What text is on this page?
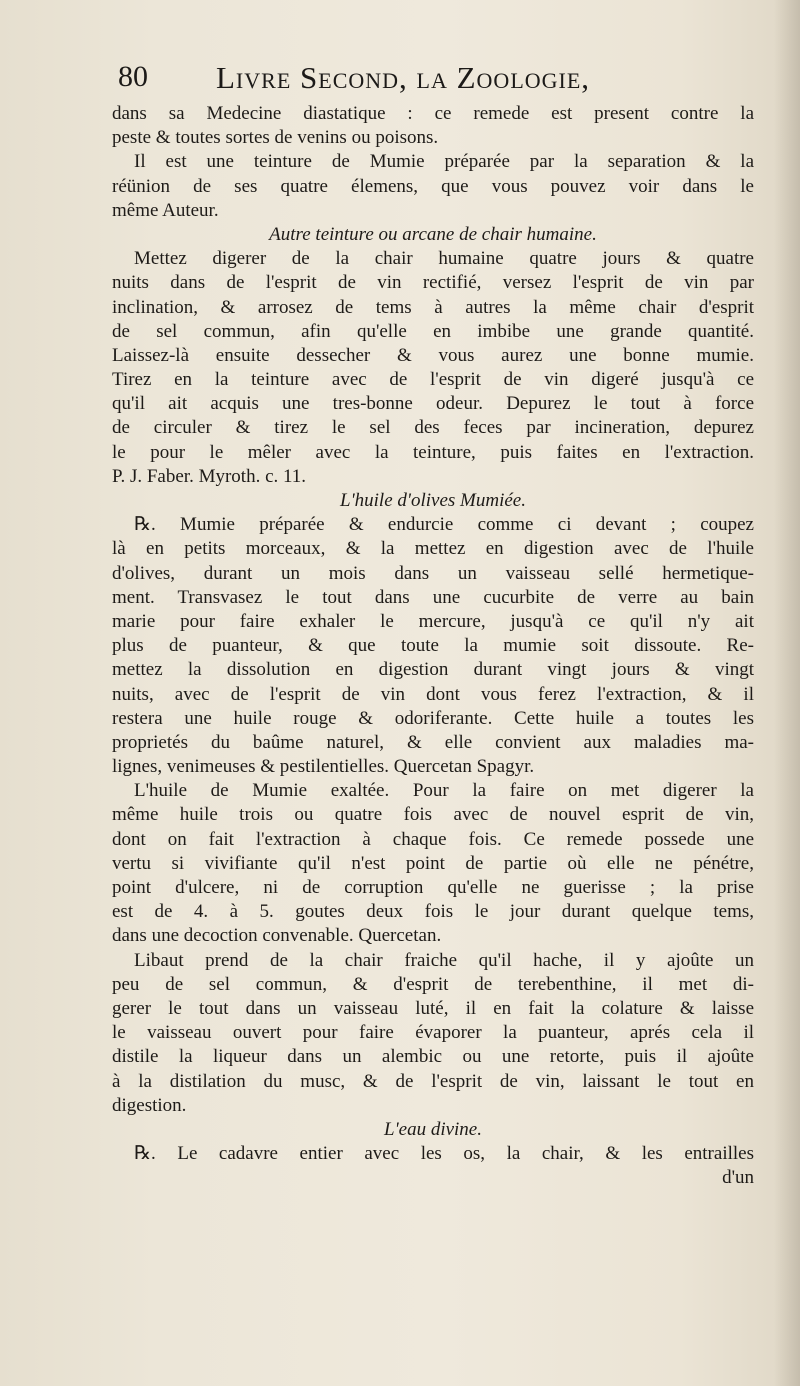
80 Livre Second, la Zoologie,
dans sa Medecine diastatique : ce remede est present contre la
peste & toutes sortes de venins ou poisons.
Il est une teinture de Mumie préparée par la separation & la
réünion de ses quatre élemens, que vous pouvez voir dans le
même Auteur.
Autre teinture ou arcane de chair humaine.
Mettez digerer de la chair humaine quatre jours & quatre
nuits dans de l'esprit de vin rectifié, versez l'esprit de vin par
inclination, & arrosez de tems à autres la même chair d'esprit
de sel commun, afin qu'elle en imbibe une grande quantité.
Laissez-là ensuite dessecher & vous aurez une bonne mumie.
Tirez en la teinture avec de l'esprit de vin digeré jusqu'à ce
qu'il ait acquis une tres-bonne odeur. Depurez le tout à force
de circuler & tirez le sel des feces par incineration, depurez
le pour le mêler avec la teinture, puis faites en l'extraction.
P. J. Faber. Myroth. c. 11.
L'huile d'olives Mumiée.
℞. Mumie préparée & endurcie comme ci devant ; coupez
là en petits morceaux, & la mettez en digestion avec de l'huile
d'olives, durant un mois dans un vaisseau sellé hermetique-
ment. Transvasez le tout dans une cucurbite de verre au bain
marie pour faire exhaler le mercure, jusqu'à ce qu'il n'y ait
plus de puanteur, & que toute la mumie soit dissoute. Re-
mettez la dissolution en digestion durant vingt jours & vingt
nuits, avec de l'esprit de vin dont vous ferez l'extraction, & il
restera une huile rouge & odoriferante. Cette huile a toutes les
proprietés du baûme naturel, & elle convient aux maladies ma-
lignes, venimeuses & pestilentielles. Quercetan Spagyr.
L'huile de Mumie exaltée. Pour la faire on met digerer la
même huile trois ou quatre fois avec de nouvel esprit de vin,
dont on fait l'extraction à chaque fois. Ce remede possede une
vertu si vivifiante qu'il n'est point de partie où elle ne pénétre,
point d'ulcere, ni de corruption qu'elle ne guerisse ; la prise
est de 4. à 5. goutes deux fois le jour durant quelque tems,
dans une decoction convenable. Quercetan.
Libaut prend de la chair fraiche qu'il hache, il y ajoûte un
peu de sel commun, & d'esprit de terebenthine, il met di-
gerer le tout dans un vaisseau luté, il en fait la colature & laisse
le vaisseau ouvert pour faire évaporer la puanteur, aprés cela il
distile la liqueur dans un alembic ou une retorte, puis il ajoûte
à la distilation du musc, & de l'esprit de vin, laissant le tout en
digestion.
L'eau divine.
℞. Le cadavre entier avec les os, la chair, & les entrailles
d'un
